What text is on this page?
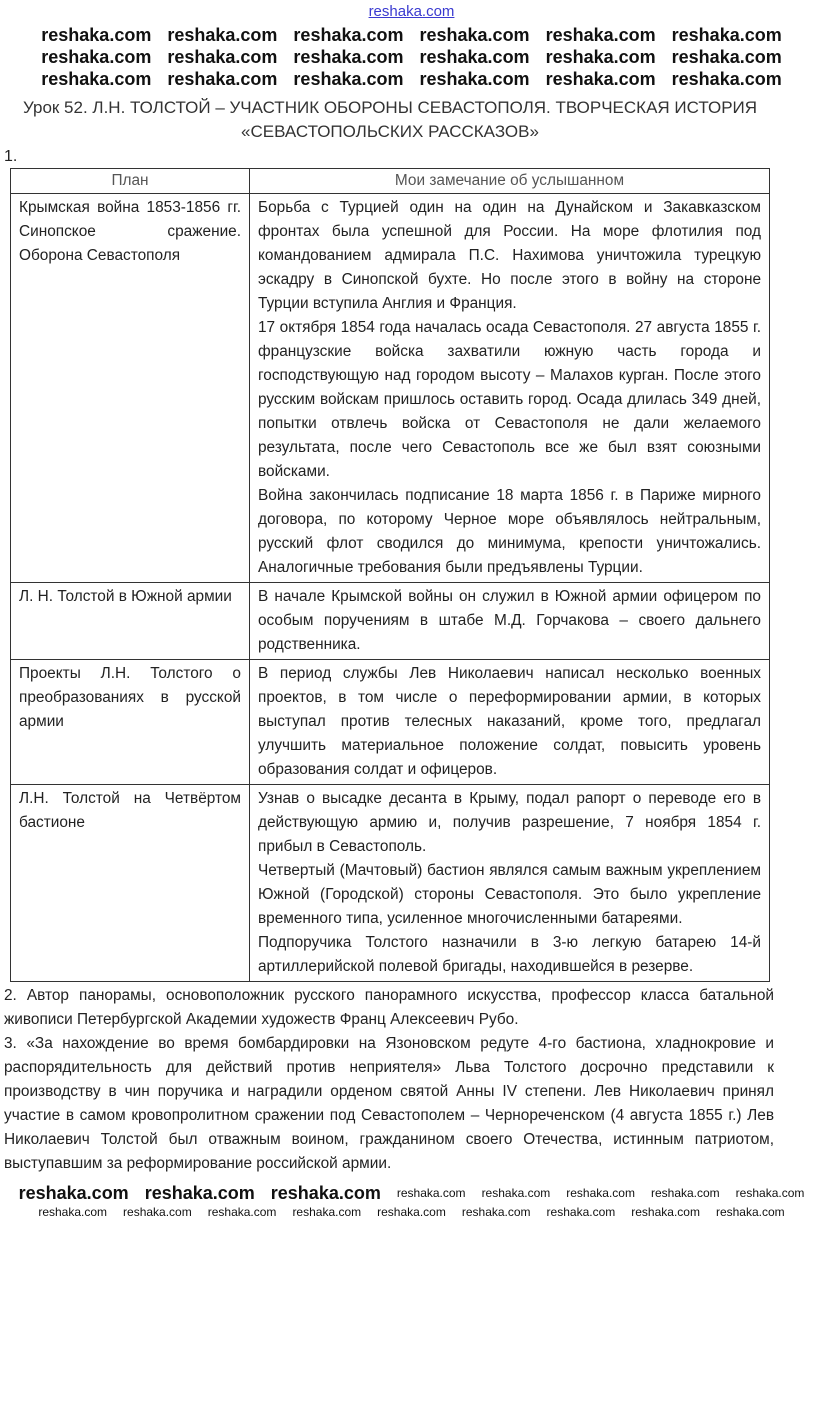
reshaka.com
reshaka.com reshaka.com reshaka.com reshaka.com reshaka.com reshaka.com
reshaka.com reshaka.com reshaka.com reshaka.com reshaka.com reshaka.com
reshaka.com reshaka.com reshaka.com reshaka.com reshaka.com reshaka.com
Урок 52. Л.Н. ТОЛСТОЙ – УЧАСТНИК ОБОРОНЫ СЕВАСТОПОЛЯ. ТВОРЧЕСКАЯ ИСТОРИЯ
«СЕВАСТОПОЛЬСКИХ РАССКАЗОВ»
1.
План	Мои замечание об услышанном
Крымская война 1853-1856 гг. Синопское сражение. Оборона Севастополя	Борьба с Турцией один на один на Дунайском и Закавказском фронтах была успешной для России. На море флотилия под командованием адмирала П.С. Нахимова уничтожила турецкую эскадру в Синопской бухте. Но после этого в войну на стороне Турции вступила Англия и Франция.

17 октября 1854 года началась осада Севастополя. 27 августа 1855 г. французские войска захватили южную часть города и господствующую над городом высоту – Малахов курган. После этого русским войскам пришлось оставить город. Осада длилась 349 дней, попытки отвлечь войска от Севастополя не дали желаемого результата, после чего Севастополь все же был взят союзными войсками.

Война закончилась подписание 18 марта 1856 г. в Париже мирного договора, по которому Черное море объявлялось нейтральным, русский флот сводился до минимума, крепости уничтожались. Аналогичные требования были предъявлены Турции.

Л. Н. Толстой в Южной армии	В начале Крымской войны он служил в Южной армии офицером по особым поручениям в штабе М.Д. Горчакова – своего дальнего родственника.

Проекты Л.Н. Толстого о преобразованиях в русской армии	В период службы Лев Николаевич написал несколько военных проектов, в том числе о переформировании армии, в которых выступал против телесных наказаний, кроме того, предлагал улучшить материальное положение солдат, повысить уровень образования солдат и офицеров.

Л.Н. Толстой на Четвёртом бастионе	Узнав о высадке десанта в Крыму, подал рапорт о переводе его в действующую армию и, получив разрешение, 7 ноября 1854 г. прибыл в Севастополь.

Четвертый (Мачтовый) бастион являлся самым важным укреплением Южной (Городской) стороны Севастополя. Это было укрепление временного типа, усиленное многочисленными батареями.

Подпоручика Толстого назначили в 3-ю легкую батарею 14-й артиллерийской полевой бригады, находившейся в резерве.

2. Автор панорамы, основоположник русского панорамного искусства, профессор класса батальной живописи Петербургской Академии художеств Франц Алексеевич Рубо.

3. «За нахождение во время бомбардировки на Язоновском редуте 4-го бастиона, хладнокровие и распорядительность для действий против неприятеля» Льва Толстого досрочно представили к производству в чин поручика и наградили орденом святой Анны IV степени. Лев Николаевич принял участие в самом кровопролитном сражении под Севастополем – Чернореченском (4 августа 1855 г.) Лев Николаевич Толстой был отважным воином, гражданином своего Отечества, истинным патриотом, выступавшим за реформирование российской армии.

reshaka.com reshaka.com reshaka.com reshaka.com reshaka.com reshaka.com reshaka.com reshaka.com
reshaka.com reshaka.com reshaka.com reshaka.com reshaka.com reshaka.com reshaka.com reshaka.com reshaka.com
